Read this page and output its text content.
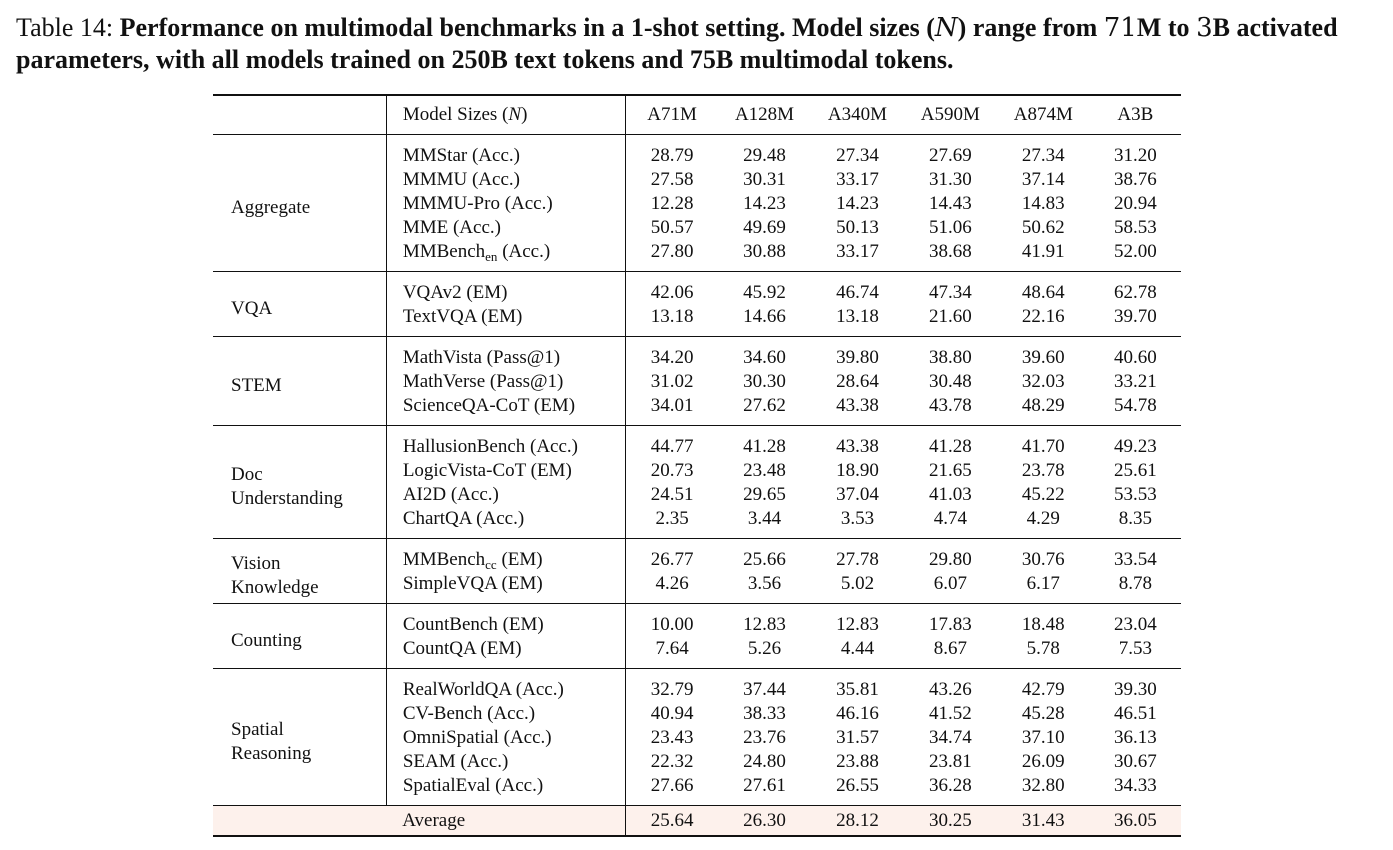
Table 14: Performance on multimodal benchmarks in a 1-shot setting. Model sizes (N) range from 71M to 3B activated parameters, with all models trained on 250B text tokens and 75B multimodal tokens.

	Model Sizes (N)	A71M	A128M	A340M	A590M	A874M	A3B

Aggregate	MMStar (Acc.)	28.79	29.48	27.34	27.69	27.34	31.20
	MMMU (Acc.)	27.58	30.31	33.17	31.30	37.14	38.76
	MMMU-Pro (Acc.)	12.28	14.23	14.23	14.43	14.83	20.94
	MME (Acc.)	50.57	49.69	50.13	51.06	50.62	58.53
	MMBench$_{en}$ (Acc.)	27.80	30.88	33.17	38.68	41.91	52.00

VQA	VQAv2 (EM)	42.06	45.92	46.74	47.34	48.64	62.78
	TextVQA (EM)	13.18	14.66	13.18	21.60	22.16	39.70

STEM	MathVista (Pass@1)	34.20	34.60	39.80	38.80	39.60	40.60
	MathVerse (Pass@1)	31.02	30.30	28.64	30.48	32.03	33.21
	ScienceQA-CoT (EM)	34.01	27.62	43.38	43.78	48.29	54.78

Doc
Understanding	HallusionBench (Acc.)	44.77	41.28	43.38	41.28	41.70	49.23
	LogicVista-CoT (EM)	20.73	23.48	18.90	21.65	23.78	25.61
	AI2D (Acc.)	24.51	29.65	37.04	41.03	45.22	53.53
	ChartQA (Acc.)	2.35	3.44	3.53	4.74	4.29	8.35

Vision
Knowledge	MMBench$_{cc}$ (EM)	26.77	25.66	27.78	29.80	30.76	33.54
	SimpleVQA (EM)	4.26	3.56	5.02	6.07	6.17	8.78

Counting	CountBench (EM)	10.00	12.83	12.83	17.83	18.48	23.04
	CountQA (EM)	7.64	5.26	4.44	8.67	5.78	7.53

Spatial
Reasoning	RealWorldQA (Acc.)	32.79	37.44	35.81	43.26	42.79	39.30
	CV-Bench (Acc.)	40.94	38.33	46.16	41.52	45.28	46.51
	OmniSpatial (Acc.)	23.43	23.76	31.57	34.74	37.10	36.13
	SEAM (Acc.)	22.32	24.80	23.88	23.81	26.09	30.67
	SpatialEval (Acc.)	27.66	27.61	26.55	36.28	32.80	34.33
Average		25.64	26.30	28.12	30.25	31.43	36.05
